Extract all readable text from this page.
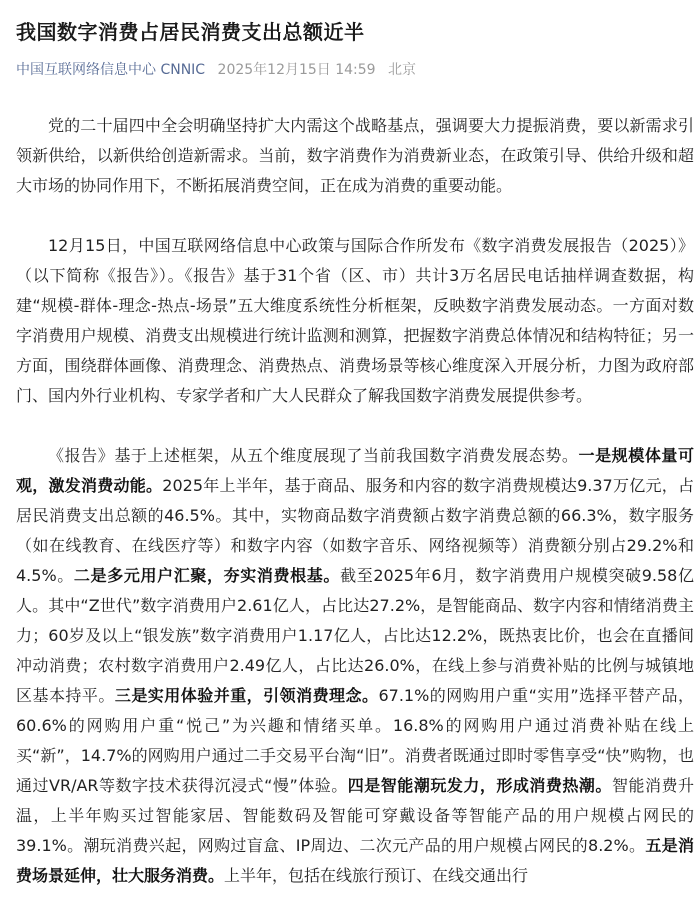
我国数字消费占居民消费支出总额近半
中国互联网络信息中心 CNNIC 2025年12月15日 14:59 北京

党的二十届四中全会明确坚持扩大内需这个战略基点，强调要大力提振消费，要以新需求引领新供给，以新供给创造新需求。当前，数字消费作为消费新业态，在政策引导、供给升级和超大市场的协同作用下，不断拓展消费空间，正在成为消费的重要动能。

12月15日，中国互联网络信息中心政策与国际合作所发布《数字消费发展报告（2025）》（以下简称《报告》）。《报告》基于31个省（区、市）共计3万名居民电话抽样调查数据，构建“规模-群体-理念-热点-场景”五大维度系统性分析框架，反映数字消费发展动态。一方面对数字消费用户规模、消费支出规模进行统计监测和测算，把握数字消费总体情况和结构特征；另一方面，围绕群体画像、消费理念、消费热点、消费场景等核心维度深入开展分析，力图为政府部门、国内外行业机构、专家学者和广大人民群众了解我国数字消费发展提供参考。

《报告》基于上述框架，从五个维度展现了当前我国数字消费发展态势。一是规模体量可观，激发消费动能。2025年上半年，基于商品、服务和内容的数字消费规模达9.37万亿元，占居民消费支出总额的46.5%。其中，实物商品数字消费额占数字消费总额的66.3%，数字服务（如在线教育、在线医疗等）和数字内容（如数字音乐、网络视频等）消费额分别占29.2%和4.5%。二是多元用户汇聚，夯实消费根基。截至2025年6月，数字消费用户规模突破9.58亿人。其中“Z世代”数字消费用户2.61亿人，占比达27.2%，是智能商品、数字内容和情绪消费主力；60岁及以上“银发族”数字消费用户1.17亿人，占比达12.2%，既热衷比价，也会在直播间冲动消费；农村数字消费用户2.49亿人，占比达26.0%，在线上参与消费补贴的比例与城镇地区基本持平。三是实用体验并重，引领消费理念。67.1%的网购用户重“实用”选择平替产品，60.6%的网购用户重“悦己”为兴趣和情绪买单。16.8%的网购用户通过消费补贴在线上买“新”，14.7%的网购用户通过二手交易平台淘“旧”。消费者既通过即时零售享受“快”购物，也通过VR/AR等数字技术获得沉浸式“慢”体验。四是智能潮玩发力，形成消费热潮。智能消费升温，上半年购买过智能家居、智能数码及智能可穿戴设备等智能产品的用户规模占网民的39.1%。潮玩消费兴起，网购过盲盒、IP周边、二次元产品的用户规模占网民的8.2%。五是消费场景延伸，壮大服务消费。上半年，包括在线旅行预订、在线交通出行
